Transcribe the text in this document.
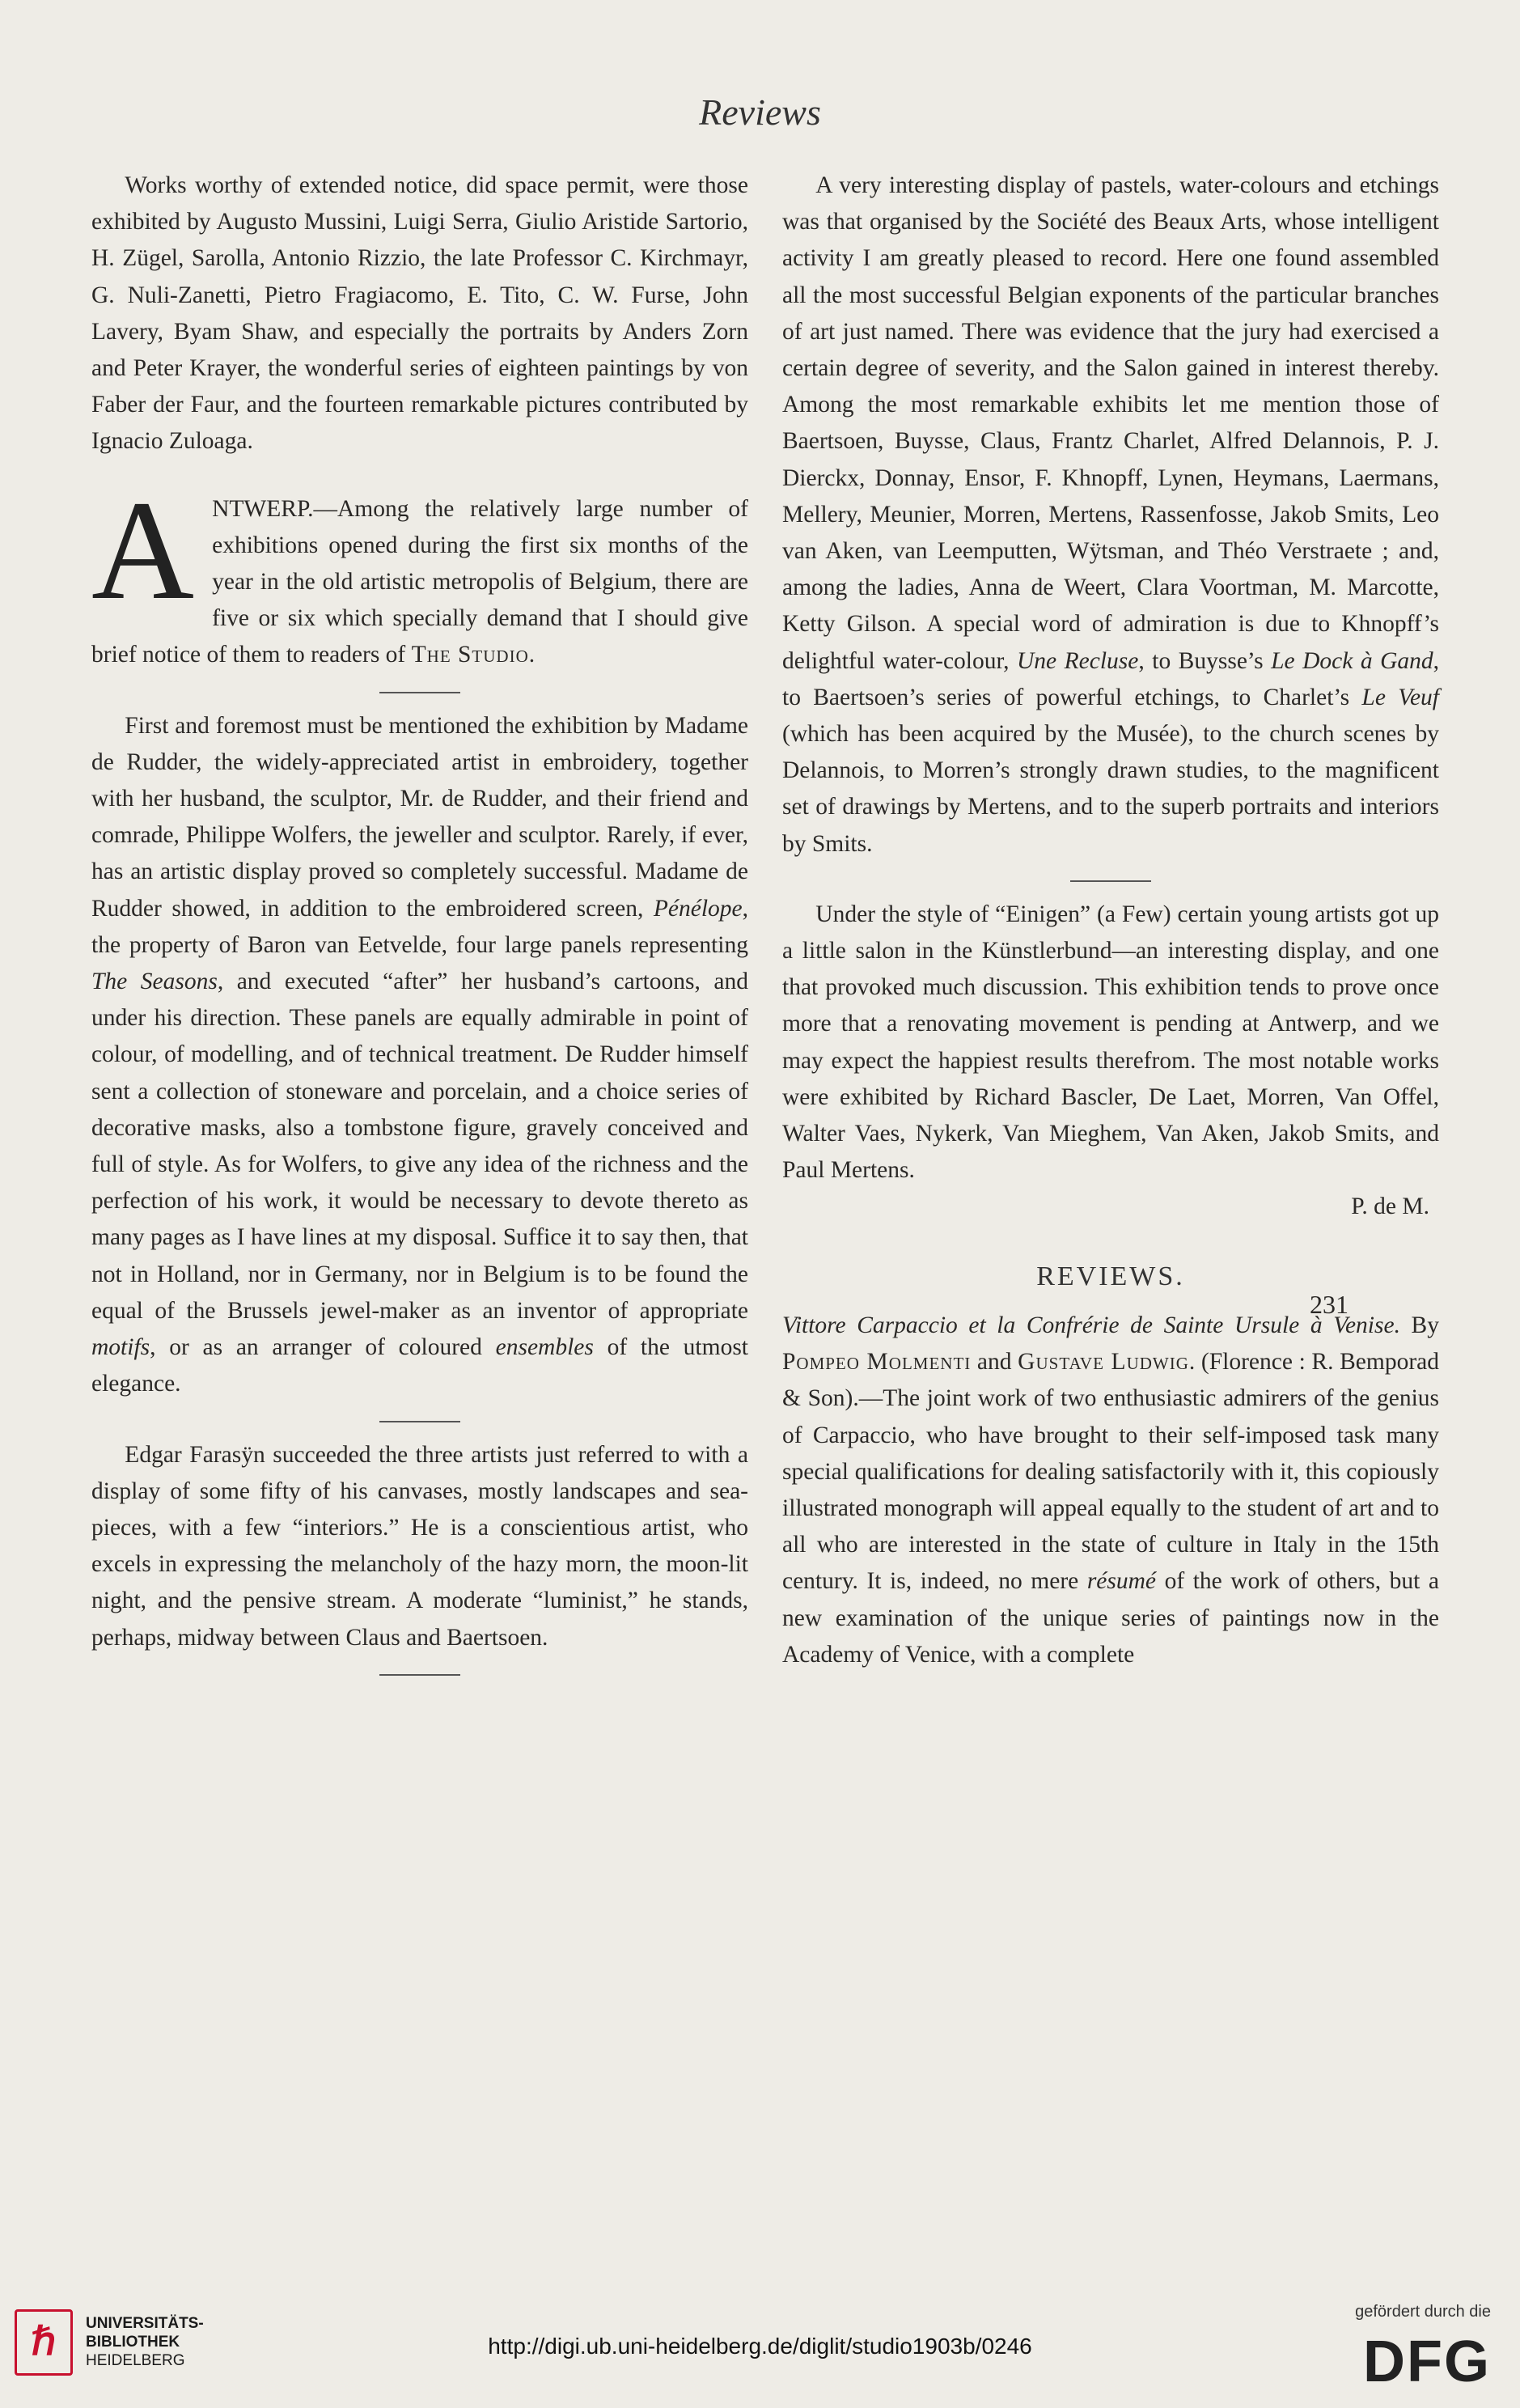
Reviews

Works worthy of extended notice, did space permit, were those exhibited by Augusto Mussini, Luigi Serra, Giulio Aristide Sartorio, H. Zügel, Sarolla, Antonio Rizzio, the late Professor C. Kirchmayr, G. Nuli-Zanetti, Pietro Fragiacomo, E. Tito, C. W. Furse, John Lavery, Byam Shaw, and especially the portraits by Anders Zorn and Peter Krayer, the wonderful series of eighteen paintings by von Faber der Faur, and the fourteen remarkable pictures contributed by Ignacio Zuloaga.

ANTWERP.—Among the relatively large number of exhibitions opened during the first six months of the year in the old artistic metropolis of Belgium, there are five or six which specially demand that I should give brief notice of them to readers of The Studio.

First and foremost must be mentioned the exhibition by Madame de Rudder, the widely-appreciated artist in embroidery, together with her husband, the sculptor, Mr. de Rudder, and their friend and comrade, Philippe Wolfers, the jeweller and sculptor. Rarely, if ever, has an artistic display proved so completely successful. Madame de Rudder showed, in addition to the embroidered screen, Pénélope, the property of Baron van Eetvelde, four large panels representing The Seasons, and executed “after” her husband’s cartoons, and under his direction. These panels are equally admirable in point of colour, of modelling, and of technical treatment. De Rudder himself sent a collection of stoneware and porcelain, and a choice series of decorative masks, also a tombstone figure, gravely conceived and full of style. As for Wolfers, to give any idea of the richness and the perfection of his work, it would be necessary to devote thereto as many pages as I have lines at my disposal. Suffice it to say then, that not in Holland, nor in Germany, nor in Belgium is to be found the equal of the Brussels jewel-maker as an inventor of appropriate motifs, or as an arranger of coloured ensembles of the utmost elegance.

Edgar Farasÿn succeeded the three artists just referred to with a display of some fifty of his canvases, mostly landscapes and sea-pieces, with a few “interiors.” He is a conscientious artist, who excels in expressing the melancholy of the hazy morn, the moon-lit night, and the pensive stream. A moderate “luminist,” he stands, perhaps, midway between Claus and Baertsoen.

A very interesting display of pastels, water-colours and etchings was that organised by the Société des Beaux Arts, whose intelligent activity I am greatly pleased to record. Here one found assembled all the most successful Belgian exponents of the particular branches of art just named. There was evidence that the jury had exercised a certain degree of severity, and the Salon gained in interest thereby. Among the most remarkable exhibits let me mention those of Baertsoen, Buysse, Claus, Frantz Charlet, Alfred Delannois, P. J. Dierckx, Donnay, Ensor, F. Khnopff, Lynen, Heymans, Laermans, Mellery, Meunier, Morren, Mertens, Rassenfosse, Jakob Smits, Leo van Aken, van Leemputten, Wÿtsman, and Théo Verstraete ; and, among the ladies, Anna de Weert, Clara Voortman, M. Marcotte, Ketty Gilson. A special word of admiration is due to Khnopff’s delightful water-colour, Une Recluse, to Buysse’s Le Dock à Gand, to Baertsoen’s series of powerful etchings, to Charlet’s Le Veuf (which has been acquired by the Musée), to the church scenes by Delannois, to Morren’s strongly drawn studies, to the magnificent set of drawings by Mertens, and to the superb portraits and interiors by Smits.

Under the style of “Einigen” (a Few) certain young artists got up a little salon in the Künstlerbund—an interesting display, and one that provoked much discussion. This exhibition tends to prove once more that a renovating movement is pending at Antwerp, and we may expect the happiest results therefrom. The most notable works were exhibited by Richard Bascler, De Laet, Morren, Van Offel, Walter Vaes, Nykerk, Van Mieghem, Van Aken, Jakob Smits, and Paul Mertens.

P. de M.

REVIEWS.

Vittore Carpaccio et la Confrérie de Sainte Ursule à Venise. By Pompeo Molmenti and Gustave Ludwig. (Florence : R. Bemporad & Son).—The joint work of two enthusiastic admirers of the genius of Carpaccio, who have brought to their self-imposed task many special qualifications for dealing satisfactorily with it, this copiously illustrated monograph will appeal equally to the student of art and to all who are interested in the state of culture in Italy in the 15th century. It is, indeed, no mere résumé of the work of others, but a new examination of the unique series of paintings now in the Academy of Venice, with a complete

231
ℏ	UNIVERSITÄTS-
BIBLIOTHEK
HEIDELBERG
http://digi.ub.uni-heidelberg.de/diglit/studio1903b/0246
gefördert durch die
DFG
